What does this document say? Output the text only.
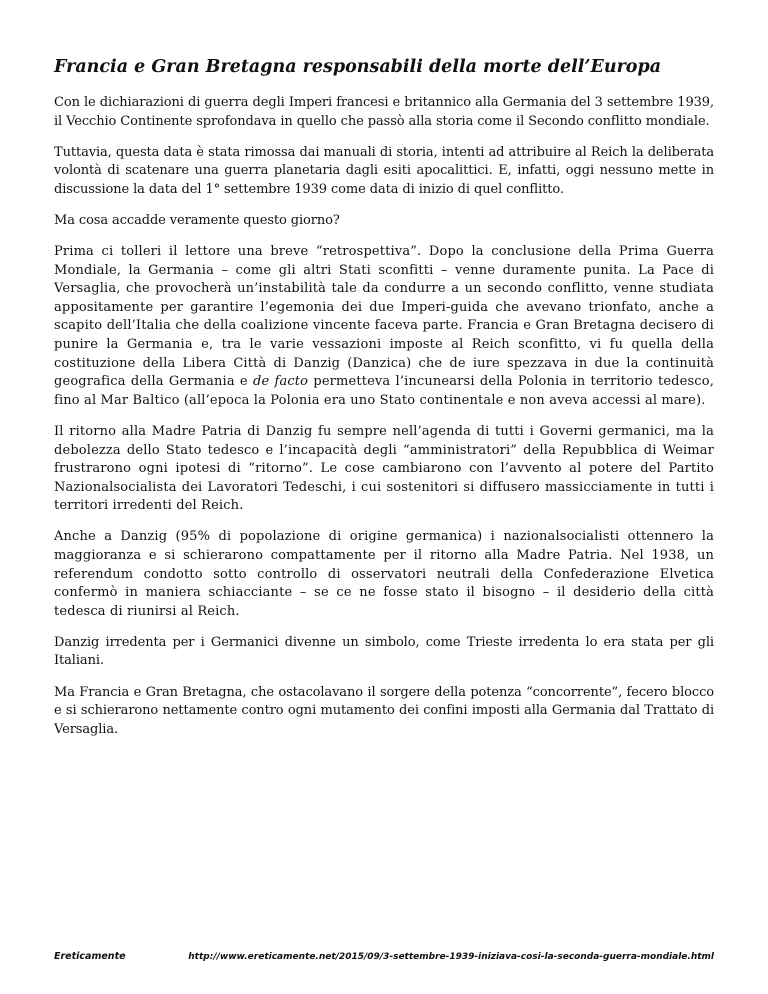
Francia e Gran Bretagna responsabili della morte dell’Europa

Con le dichiarazioni di guerra degli Imperi francesi e britannico alla Germania del 3 settembre 1939, il Vecchio Continente sprofondava in quello che passò alla storia come il Secondo conflitto mondiale.

Tuttavia, questa data è stata rimossa dai manuali di storia, intenti ad attribuire al Reich la deliberata volontà di scatenare una guerra planetaria dagli esiti apocalittici. E, infatti, oggi nessuno mette in discussione la data del 1° settembre 1939 come data di inizio di quel conflitto.

Ma cosa accadde veramente questo giorno?

Prima ci tolleri il lettore una breve “retrospettiva”. Dopo la conclusione della Prima Guerra Mondiale, la Germania – come gli altri Stati sconfitti – venne duramente punita. La Pace di Versaglia, che provocherà un’instabilità tale da condurre a un secondo conflitto, venne studiata appositamente per garantire l’egemonia dei due Imperi-guida che avevano trionfato, anche a scapito dell’Italia che della coalizione vincente faceva parte. Francia e Gran Bretagna decisero di punire la Germania e, tra le varie vessazioni imposte al Reich sconfitto, vi fu quella della costituzione della Libera Città di Danzig (Danzica) che de iure spezzava in due la continuità geografica della Germania e de facto permetteva l’incunearsi della Polonia in territorio tedesco, fino al Mar Baltico (all’epoca la Polonia era uno Stato continentale e non aveva accessi al mare).

Il ritorno alla Madre Patria di Danzig fu sempre nell’agenda di tutti i Governi germanici, ma la debolezza dello Stato tedesco e l’incapacità degli “amministratori” della Repubblica di Weimar frustrarono ogni ipotesi di “ritorno”. Le cose cambiarono con l’avvento al potere del Partito Nazionalsocialista dei Lavoratori Tedeschi, i cui sostenitori si diffusero massicciamente in tutti i territori irredenti del Reich.

Anche a Danzig (95% di popolazione di origine germanica) i nazionalsocialisti ottennero la maggioranza e si schierarono compattamente per il ritorno alla Madre Patria. Nel 1938, un referendum condotto sotto controllo di osservatori neutrali della Confederazione Elvetica confermò in maniera schiacciante – se ce ne fosse stato il bisogno – il desiderio della città tedesca di riunirsi al Reich.

Danzig irredenta per i Germanici divenne un simbolo, come Trieste irredenta lo era stata per gli Italiani.

Ma Francia e Gran Bretagna, che ostacolavano il sorgere della potenza “concorrente”, fecero blocco e si schierarono nettamente contro ogni mutamento dei confini imposti alla Germania dal Trattato di Versaglia.

Ereticamente	http://www.ereticamente.net/2015/09/3-settembre-1939-iniziava-cosi-la-seconda-guerra-mondiale.html
